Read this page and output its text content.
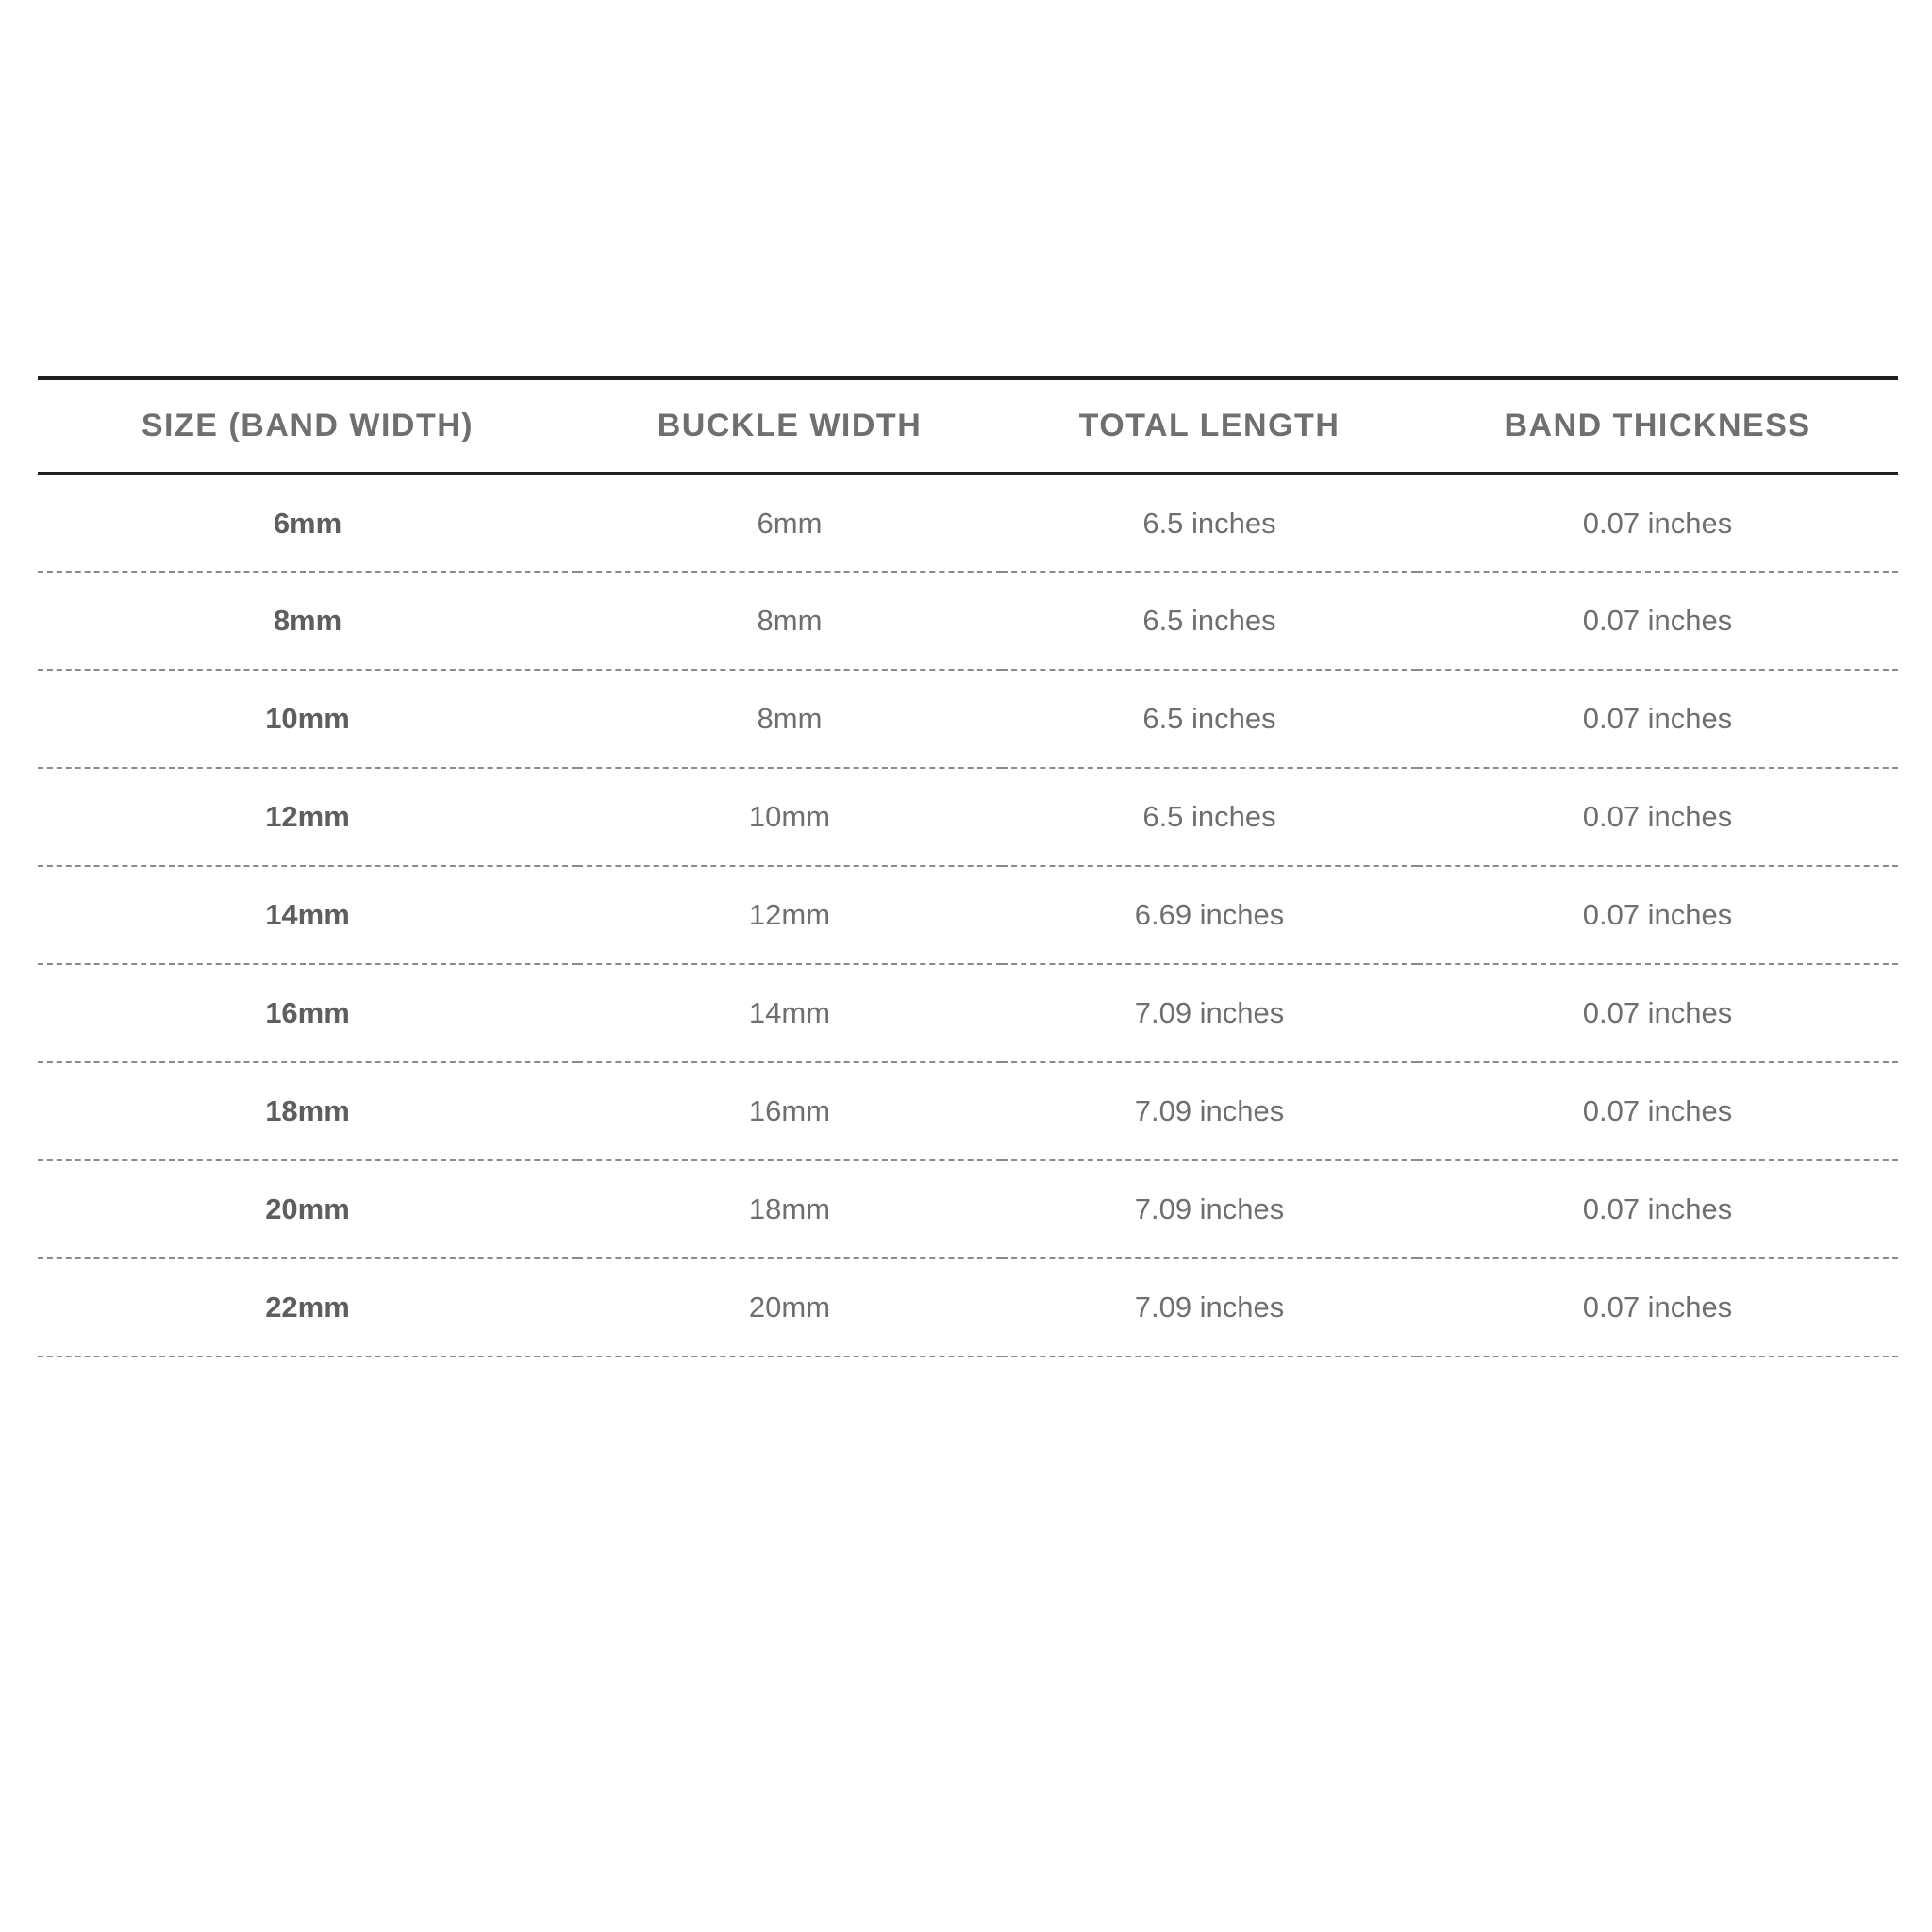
SIZE (BAND WIDTH)	BUCKLE WIDTH	TOTAL LENGTH	BAND THICKNESS
6mm	6mm	6.5 inches	0.07 inches
8mm	8mm	6.5 inches	0.07 inches
10mm	8mm	6.5 inches	0.07 inches
12mm	10mm	6.5 inches	0.07 inches
14mm	12mm	6.69 inches	0.07 inches
16mm	14mm	7.09 inches	0.07 inches
18mm	16mm	7.09 inches	0.07 inches
20mm	18mm	7.09 inches	0.07 inches
22mm	20mm	7.09 inches	0.07 inches
